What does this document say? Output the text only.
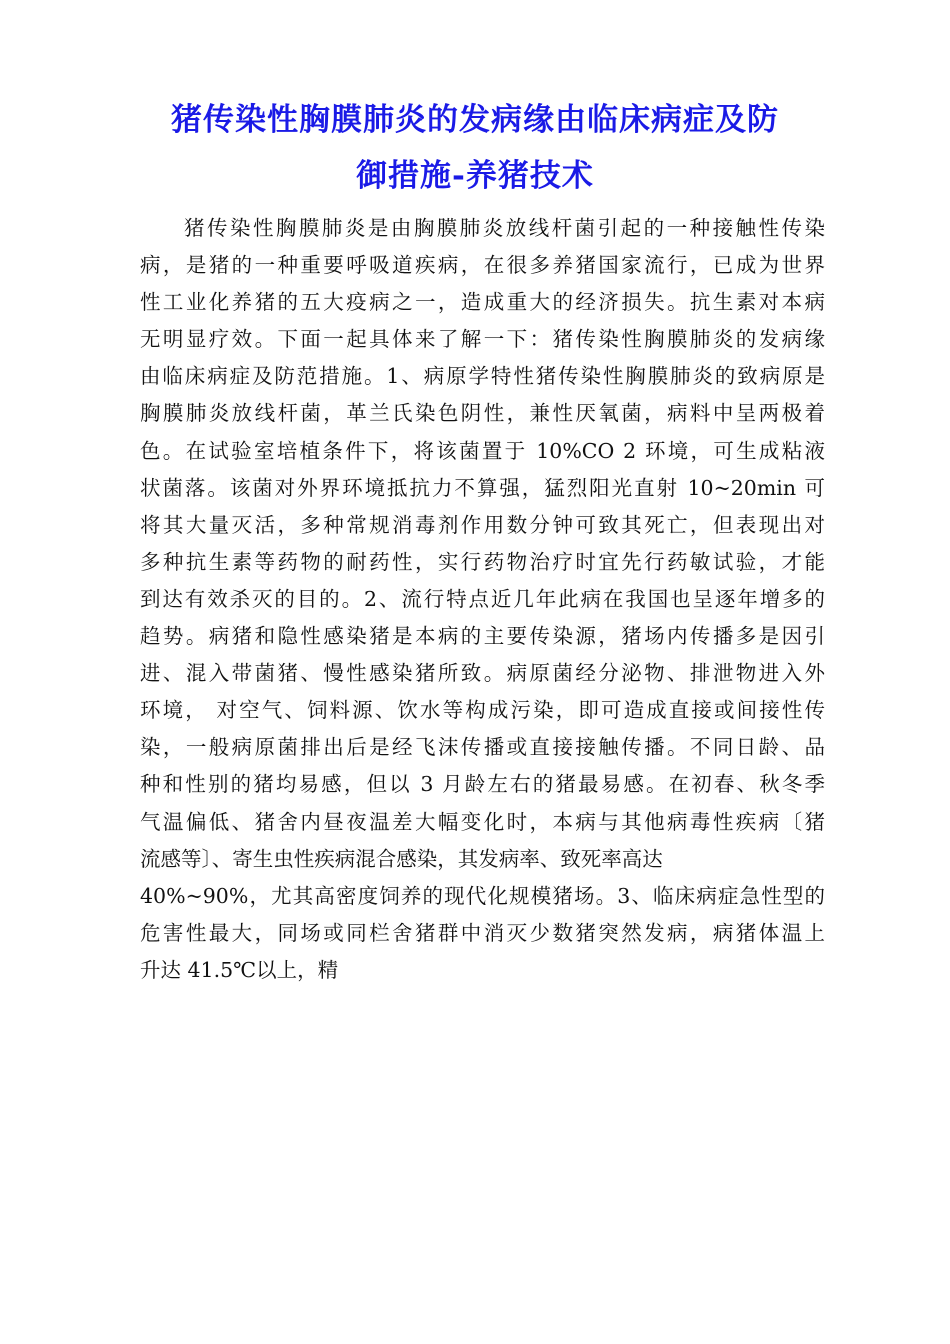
猪传染性胸膜肺炎的发病缘由临床病症及防
御措施-养猪技术
猪传染性胸膜肺炎是由胸膜肺炎放线杆菌引起的一种接触性传染
病，是猪的一种重要呼吸道疾病，在很多养猪国家流行，已成为世界
性工业化养猪的五大疫病之一，造成重大的经济损失。抗生素对本病
无明显疗效。下面一起具体来了解一下：猪传染性胸膜肺炎的发病缘
由临床病症及防范措施。1、病原学特性猪传染性胸膜肺炎的致病原是
胸膜肺炎放线杆菌，革兰氏染色阴性，兼性厌氧菌，病料中呈两极着
色。在试验室培植条件下，将该菌置于 10%CO 2 环境，可生成粘液
状菌落。该菌对外界环境抵抗力不算强，猛烈阳光直射 10~20min 可
将其大量灭活，多种常规消毒剂作用数分钟可致其死亡，但表现出对
多种抗生素等药物的耐药性，实行药物治疗时宜先行药敏试验，才能
到达有效杀灭的目的。2、流行特点近几年此病在我国也呈逐年增多的
趋势。病猪和隐性感染猪是本病的主要传染源，猪场内传播多是因引
进、混入带菌猪、慢性感染猪所致。病原菌经分泌物、排泄物进入外
环境， 对空气、饲料源、饮水等构成污染，即可造成直接或间接性传
染，一般病原菌排出后是经飞沫传播或直接接触传播。不同日龄、品
种和性别的猪均易感，但以 3 月龄左右的猪最易感。在初春、秋冬季
气温偏低、猪舍内昼夜温差大幅变化时，本病与其他病毒性疾病〔猪
流感等〕、寄生虫性疾病混合感染，其发病率、致死率高达
40%~90%，尤其高密度饲养的现代化规模猪场。3、临床病症急性型的
危害性最大，同场或同栏舍猪群中消灭少数猪突然发病，病猪体温上
升达 41.5℃以上，精
